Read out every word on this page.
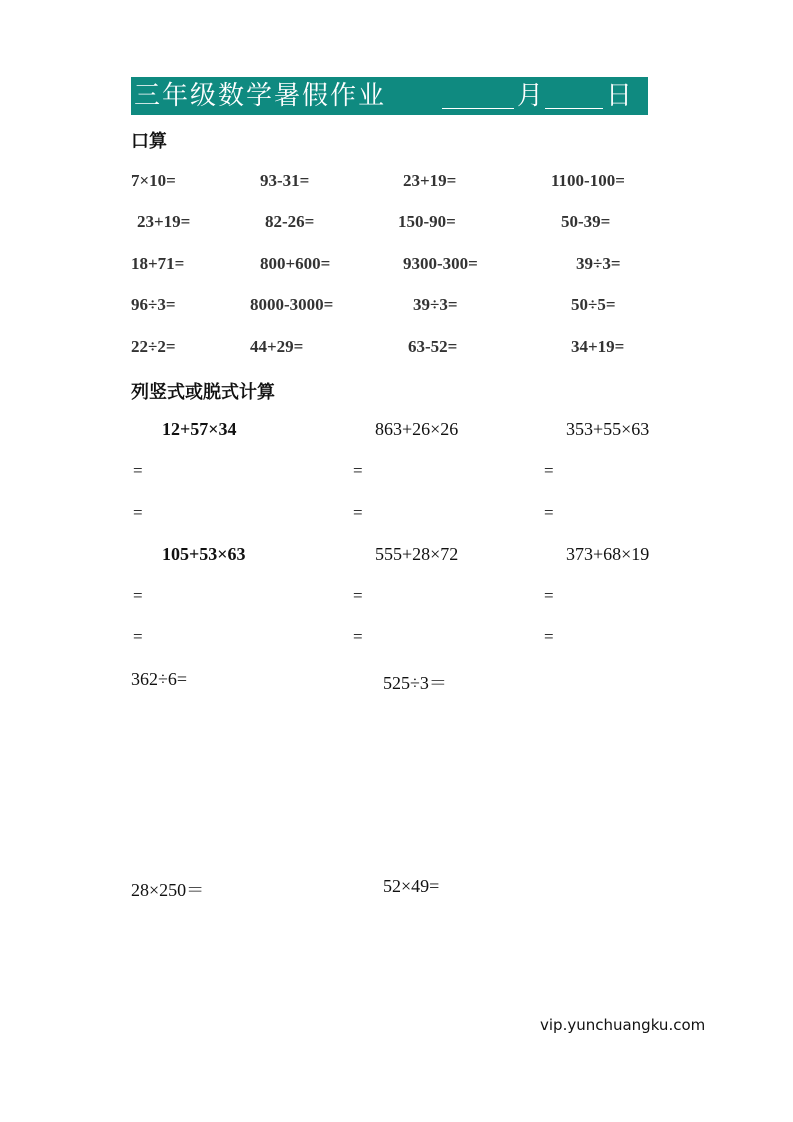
三年级数学暑假作业	月 日
口算
7×10=	93-31=	23+19=	1100-100=
23+19=	82-26=	150-90=	50-39=
18+71=	800+600=	9300-300=	39÷3=
96÷3=	8000-3000=	39÷3=	50÷5=
22÷2=	44+29=	63-52=	34+19=
列竖式或脱式计算
12+57×34	863+26×26	353+55×63
=	=	=
=	=	=
105+53×63	555+28×72	373+68×19
=	=	=
=	=	=
362÷6=	525÷3＝
28×250＝	52×49=
vip.yunchuangku.com
